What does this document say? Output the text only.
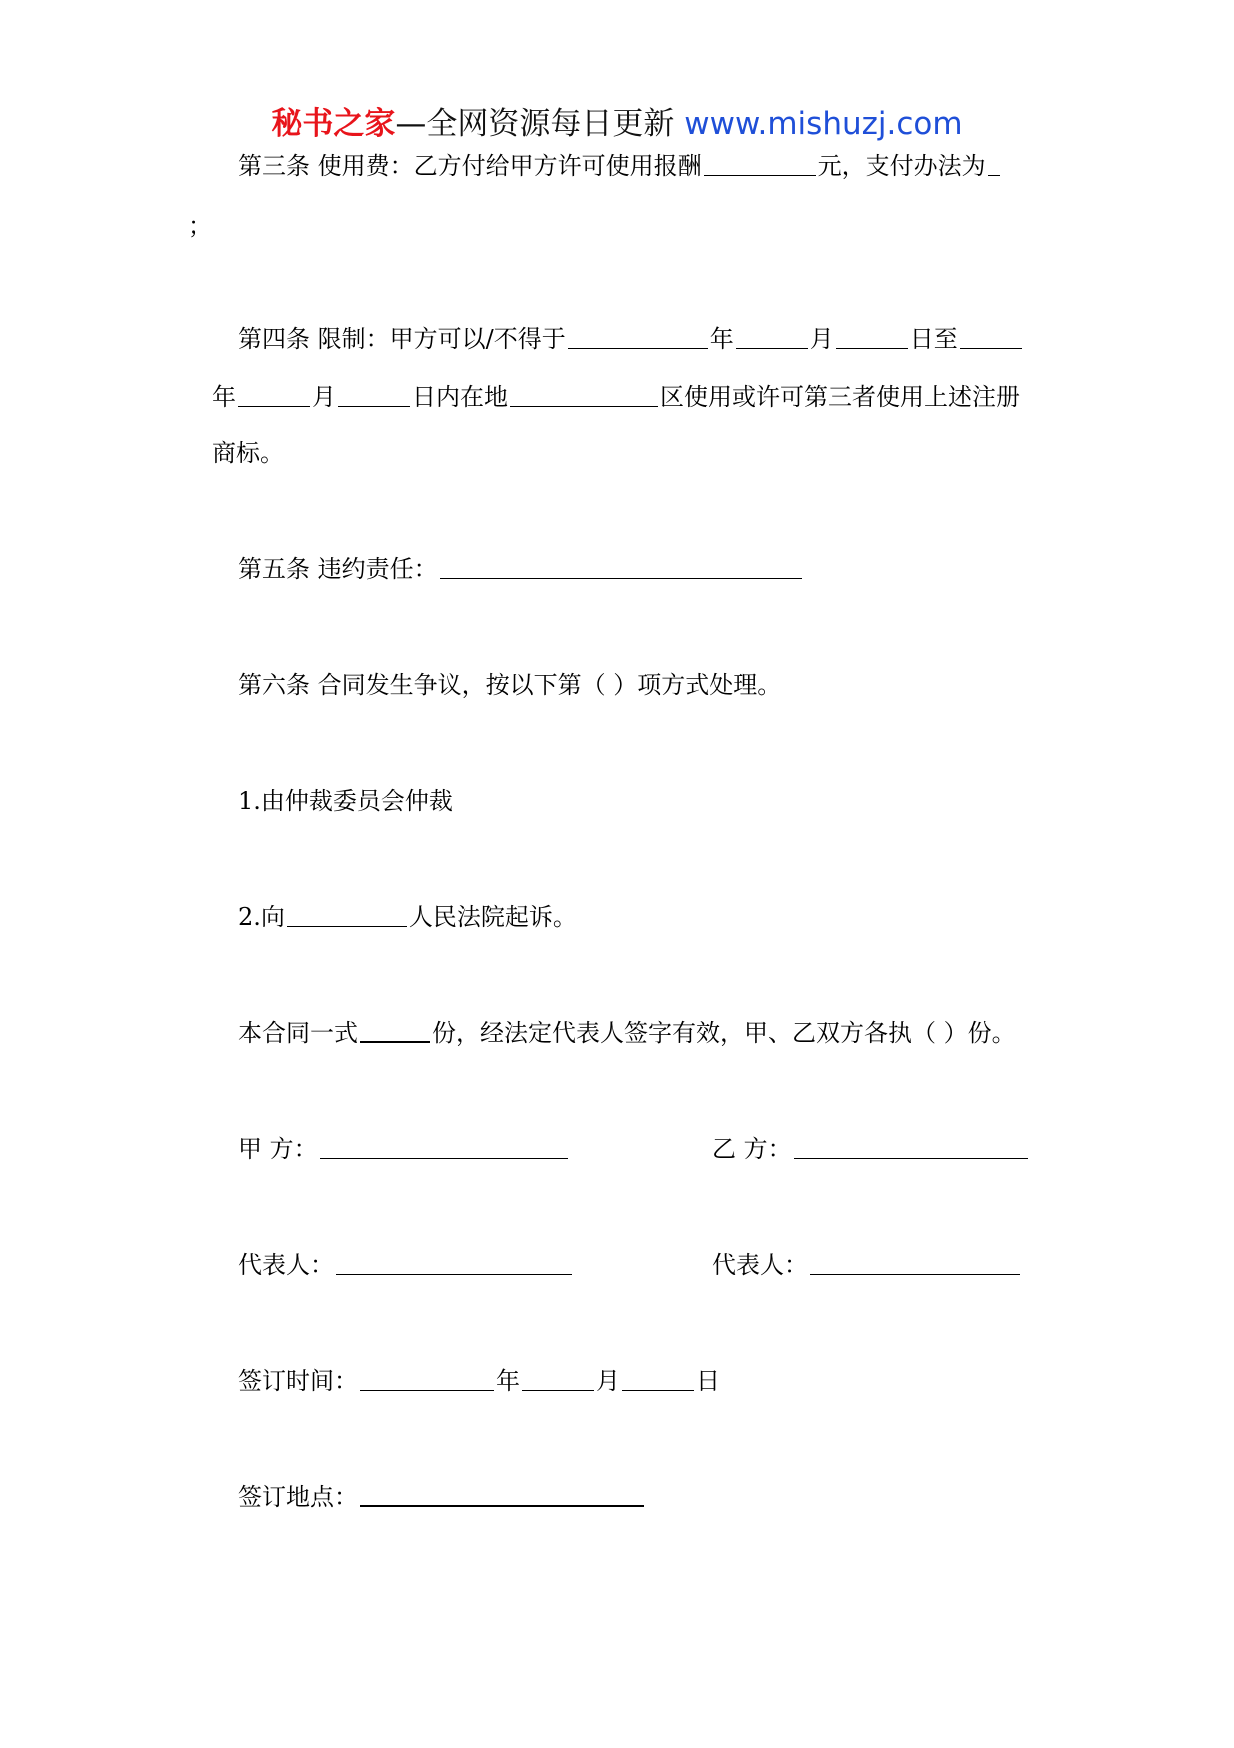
秘书之家—全网资源每日更新 www.mishuzj.com
第三条 使用费：乙方付给甲方许可使用报酬	元，支付办法为
；
第四条 限制：甲方可以/不得于	年	月	日至
年	月	日内在地	区使用或许可第三者使用上述注册
商标。
第五条 违约责任：
第六条 合同发生争议，按以下第（ ）项方式处理。
1.由仲裁委员会仲裁
2.向	人民法院起诉。
本合同一式	份，经法定代表人签字有效，甲、乙双方各执（ ）份。
甲 方：	乙 方：
代表人：	代表人：
签订时间：	年	月	日
签订地点：
